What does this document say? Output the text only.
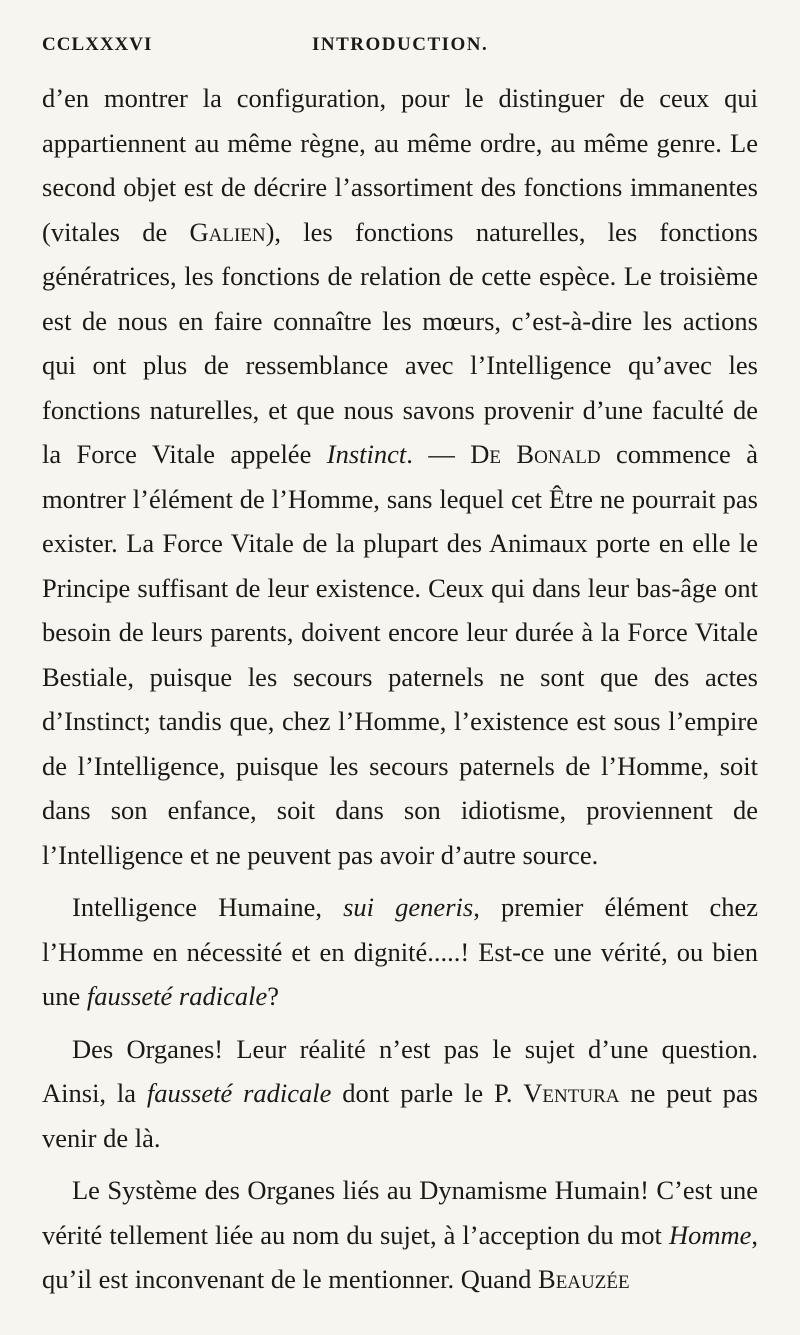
CCLXXXVI	INTRODUCTION.

d’en montrer la configuration, pour le distinguer de ceux qui appartiennent au même règne, au même ordre, au même genre. Le second objet est de décrire l’assortiment des fonctions immanentes (vitales de Galien), les fonctions naturelles, les fonctions génératrices, les fonctions de relation de cette espèce. Le troisième est de nous en faire connaître les mœurs, c’est-à-dire les actions qui ont plus de ressemblance avec l’Intelligence qu’avec les fonctions naturelles, et que nous savons provenir d’une faculté de la Force Vitale appelée Instinct. — De Bonald commence à montrer l’élément de l’Homme, sans lequel cet Être ne pourrait pas exister. La Force Vitale de la plupart des Animaux porte en elle le Principe suffisant de leur existence. Ceux qui dans leur bas-âge ont besoin de leurs parents, doivent encore leur durée à la Force Vitale Bestiale, puisque les secours paternels ne sont que des actes d’Instinct; tandis que, chez l’Homme, l’existence est sous l’empire de l’Intelligence, puisque les secours paternels de l’Homme, soit dans son enfance, soit dans son idiotisme, proviennent de l’Intelligence et ne peuvent pas avoir d’autre source.

Intelligence Humaine, sui generis, premier élément chez l’Homme en nécessité et en dignité.....! Est-ce une vérité, ou bien une fausseté radicale?

Des Organes! Leur réalité n’est pas le sujet d’une question. Ainsi, la fausseté radicale dont parle le P. Ventura ne peut pas venir de là.

Le Système des Organes liés au Dynamisme Humain! C’est une vérité tellement liée au nom du sujet, à l’acception du mot Homme, qu’il est inconvenant de le mentionner. Quand Beauzée
